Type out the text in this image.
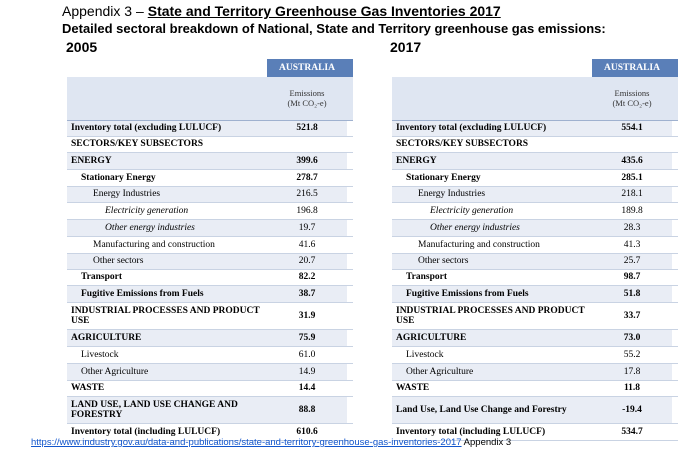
Appendix 3 – State and Territory Greenhouse Gas Inventories 2017
Detailed sectoral breakdown of National, State and Territory greenhouse gas emissions:
2005	2017
	AUSTRALIA	
	Emissions
(Mt CO₂-e)	
Inventory total (excluding LULUCF)	521.8	
SECTORS/KEY SUBSECTORS		
ENERGY	399.6	
Stationary Energy	278.7	
Energy Industries	216.5	
Electricity generation	196.8	
Other energy industries	19.7	
Manufacturing and construction	41.6	
Other sectors	20.7	
Transport	82.2	
Fugitive Emissions from Fuels	38.7	
INDUSTRIAL PROCESSES AND PRODUCT USE	31.9	
AGRICULTURE	75.9	
Livestock	61.0	
Other Agriculture	14.9	
WASTE	14.4	
LAND USE, LAND USE CHANGE AND FORESTRY	88.8	
Inventory total (including LULUCF)	610.6	
	AUSTRALIA	
	Emissions
(Mt CO₂-e)	
Inventory total (excluding LULUCF)	554.1	
SECTORS/KEY SUBSECTORS		
ENERGY	435.6	
Stationary Energy	285.1	
Energy Industries	218.1	
Electricity generation	189.8	
Other energy industries	28.3	
Manufacturing and construction	41.3	
Other sectors	25.7	
Transport	98.7	
Fugitive Emissions from Fuels	51.8	
INDUSTRIAL PROCESSES AND PRODUCT USE	33.7	
AGRICULTURE	73.0	
Livestock	55.2	
Other Agriculture	17.8	
WASTE	11.8	
Land Use, Land Use Change and Forestry	-19.4	
Inventory total (including LULUCF)	534.7	
https://www.industry.gov.au/data-and-publications/state-and-territory-greenhouse-gas-inventories-2017 Appendix 3
